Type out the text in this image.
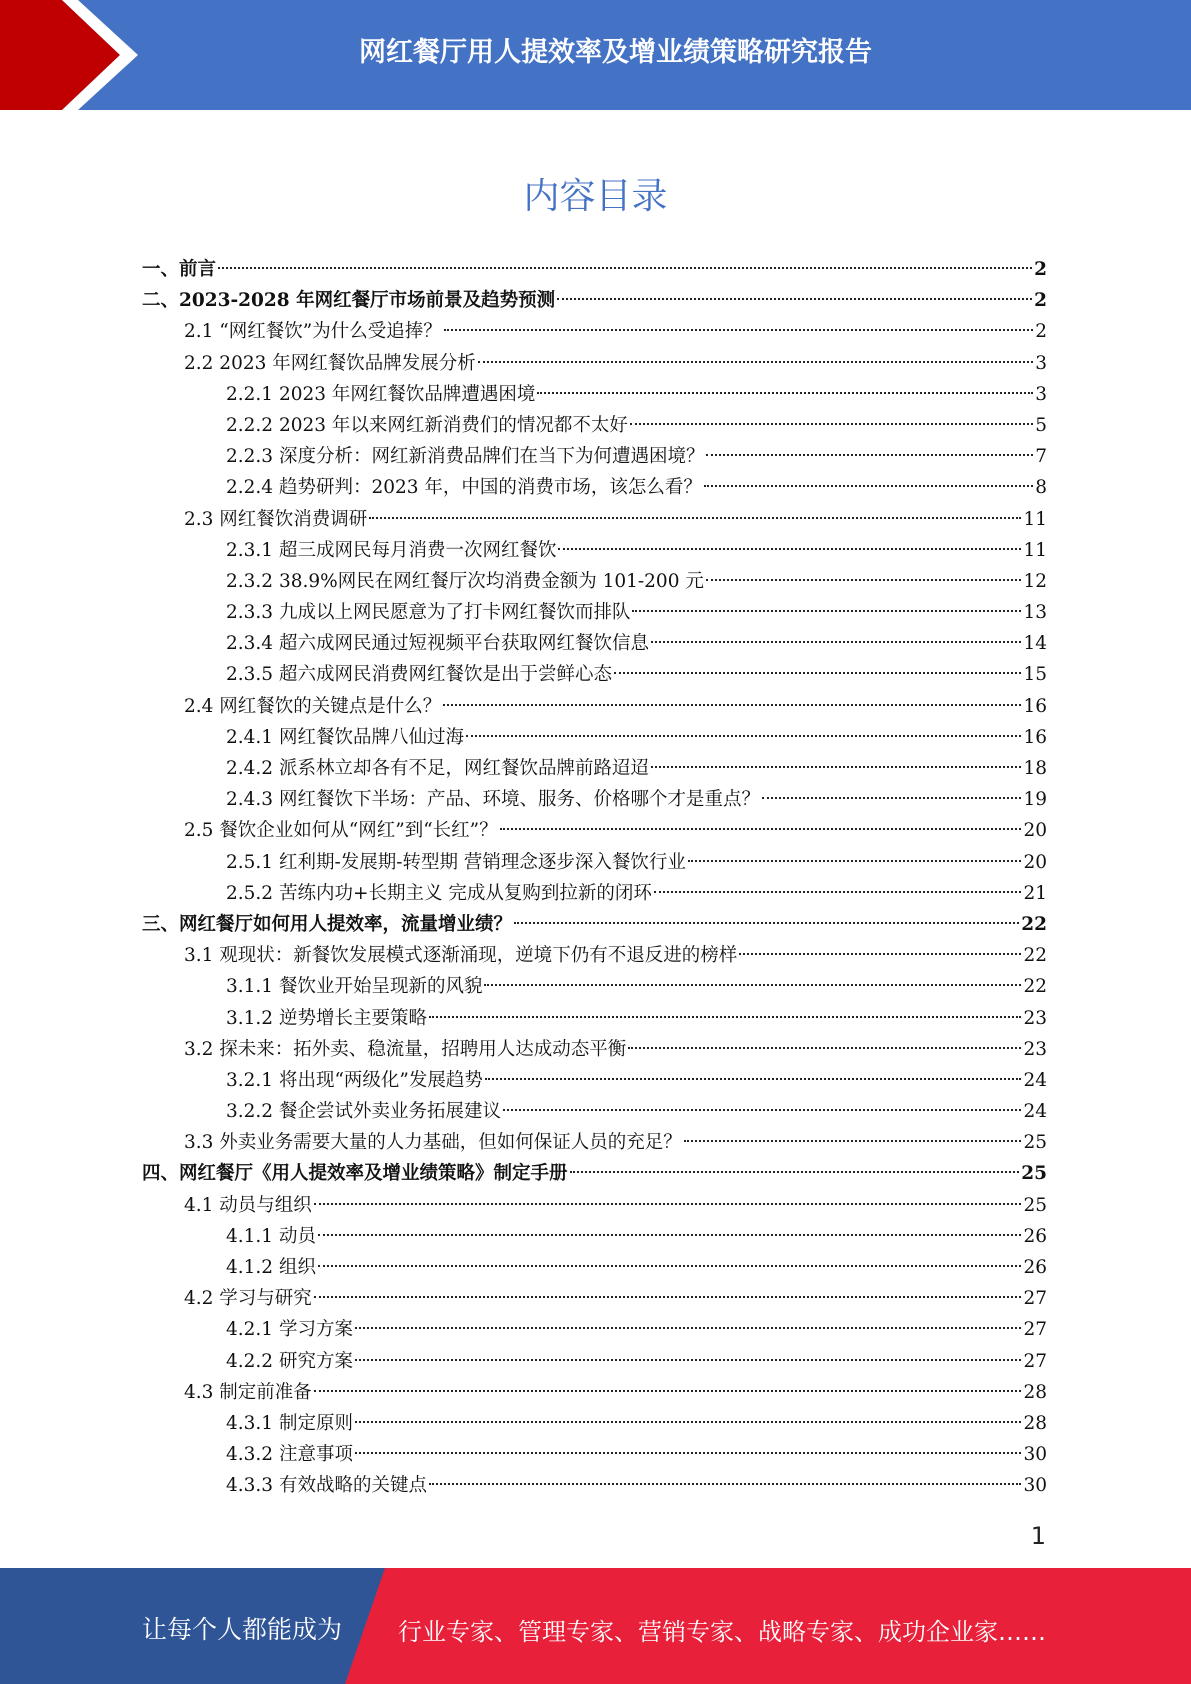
网红餐厅用人提效率及增业绩策略研究报告
内容目录
一、前言	2
二、2023-2028 年网红餐厅市场前景及趋势预测	2
2.1 “网红餐饮”为什么受追捧？	2
2.2 2023 年网红餐饮品牌发展分析	3
2.2.1 2023 年网红餐饮品牌遭遇困境	3
2.2.2 2023 年以来网红新消费们的情况都不太好	5
2.2.3 深度分析：网红新消费品牌们在当下为何遭遇困境？	7
2.2.4 趋势研判：2023 年，中国的消费市场，该怎么看？	8
2.3 网红餐饮消费调研	11
2.3.1 超三成网民每月消费一次网红餐饮	11
2.3.2 38.9%网民在网红餐厅次均消费金额为 101-200 元	12
2.3.3 九成以上网民愿意为了打卡网红餐饮而排队	13
2.3.4 超六成网民通过短视频平台获取网红餐饮信息	14
2.3.5 超六成网民消费网红餐饮是出于尝鲜心态	15
2.4 网红餐饮的关键点是什么？	16
2.4.1 网红餐饮品牌八仙过海	16
2.4.2 派系林立却各有不足，网红餐饮品牌前路迢迢	18
2.4.3 网红餐饮下半场：产品、环境、服务、价格哪个才是重点？	19
2.5 餐饮企业如何从“网红”到“长红”？	20
2.5.1 红利期-发展期-转型期 营销理念逐步深入餐饮行业	20
2.5.2 苦练内功+长期主义 完成从复购到拉新的闭环	21
三、网红餐厅如何用人提效率，流量增业绩？	22
3.1 观现状：新餐饮发展模式逐渐涌现，逆境下仍有不退反进的榜样	22
3.1.1 餐饮业开始呈现新的风貌	22
3.1.2 逆势增长主要策略	23
3.2 探未来：拓外卖、稳流量，招聘用人达成动态平衡	23
3.2.1 将出现“两级化”发展趋势	24
3.2.2 餐企尝试外卖业务拓展建议	24
3.3 外卖业务需要大量的人力基础，但如何保证人员的充足？	25
四、网红餐厅《用人提效率及增业绩策略》制定手册	25
4.1 动员与组织	25
4.1.1 动员	26
4.1.2 组织	26
4.2 学习与研究	27
4.2.1 学习方案	27
4.2.2 研究方案	27
4.3 制定前准备	28
4.3.1 制定原则	28
4.3.2 注意事项	30
4.3.3 有效战略的关键点	30
1
让每个人都能成为 行业专家、管理专家、营销专家、战略专家、成功企业家……
